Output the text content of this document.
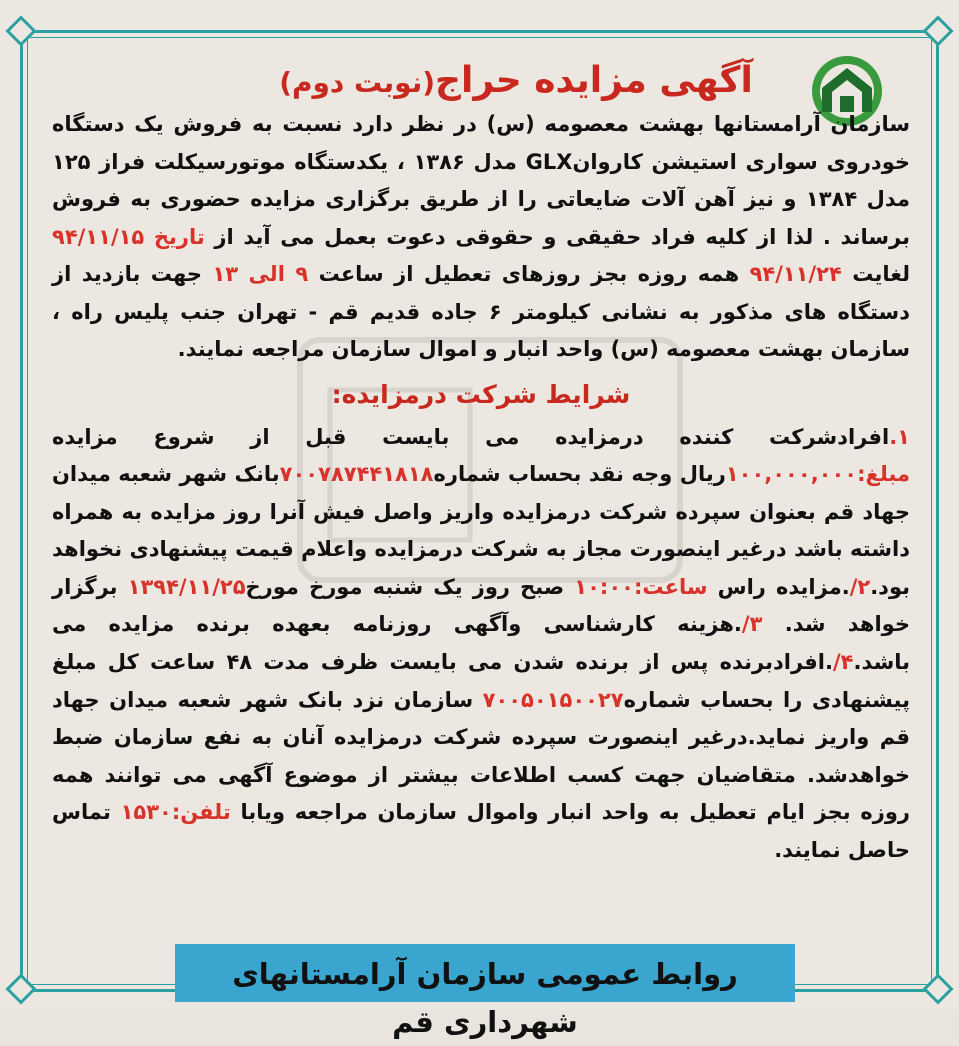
آگهی مزایده حراج(نوبت دوم)

سازمان آرامستانها بهشت معصومه (س) در نظر دارد نسبت به فروش یک دستگاه خودروی سواری استیشن کاروانGLX مدل ۱۳۸۶ ، یکدستگاه موتورسیکلت فراز ۱۲۵ مدل ۱۳۸۴ و نیز آهن آلات ضایعاتی را از طریق برگزاری مزایده حضوری به فروش برساند . لذا از کلیه فراد حقیقی و حقوقی دعوت بعمل می آید از تاریخ ۹۴/۱۱/۱۵ لغایت ۹۴/۱۱/۲۴ همه روزه بجز روزهای تعطیل از ساعت ۹ الی ۱۳ جهت بازدید از دستگاه های مذکور به نشانی کیلومتر ۶ جاده قدیم قم - تهران جنب پلیس راه ، سازمان بهشت معصومه (س) واحد انبار و اموال سازمان مراجعه نمایند.

شرایط شرکت درمزایده:

۱.افرادشرکت کننده درمزایده می بایست قبل از شروع مزایده مبلغ:۱۰۰,۰۰۰,۰۰۰ریال وجه نقد بحساب شماره۷۰۰۷۸۷۴۴۱۸۱۸بانک شهر شعبه میدان جهاد قم بعنوان سپرده شرکت درمزایده واریز واصل فیش آنرا روز مزایده به همراه داشته باشد درغیر اینصورت مجاز به شرکت درمزایده واعلام قیمت پیشنهادی نخواهد بود.۲/.مزایده راس ساعت:۱۰:۰۰ صبح روز یک شنبه مورخ مورخ۱۳۹۴/۱۱/۲۵ برگزار خواهد شد. ۳/.هزینه کارشناسی وآگهی روزنامه بعهده برنده مزایده می باشد.۴/.افرادبرنده پس از برنده شدن می بایست ظرف مدت ۴۸ ساعت کل مبلغ پیشنهادی را بحساب شماره۷۰۰۵۰۱۵۰۰۲۷ سازمان نزد بانک شهر شعبه میدان جهاد قم واریز نماید.درغیر اینصورت سپرده شرکت درمزایده آنان به نفع سازمان ضبط خواهدشد. متقاضیان جهت کسب اطلاعات بیشتر از موضوع آگهی می توانند همه روزه بجز ایام تعطیل به واحد انبار واموال سازمان مراجعه ویابا تلفن:۱۵۳۰ تماس حاصل نمایند.

روابط عمومی سازمان آرامستانهای شهرداری قم
